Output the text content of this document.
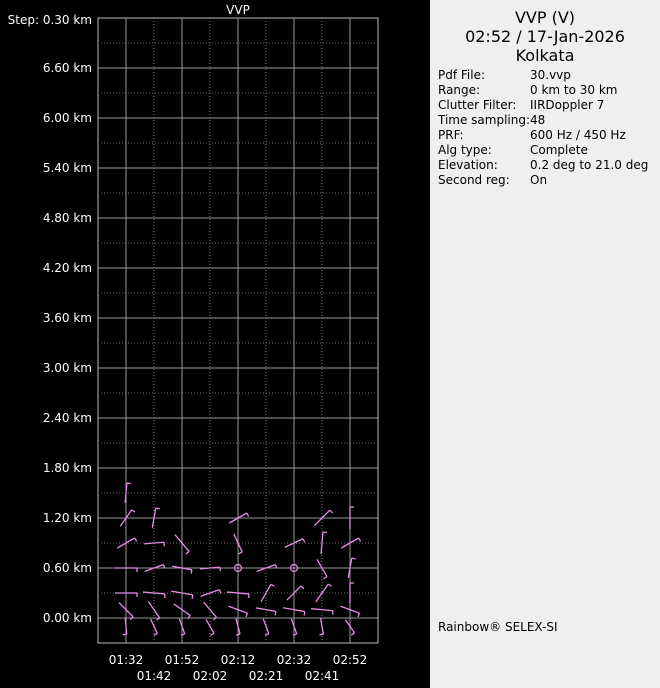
VVP
Step: 0.30 km
6.60 km
6.00 km
5.40 km
4.80 km
4.20 km
3.60 km
3.00 km
2.40 km
1.80 km
1.20 km
0.60 km
0.00 km
01:32
01:42
01:52
02:02
02:12
02:21
02:32
02:41
02:52
VVP (V)
02:52 / 17-Jan-2026
Kolkata
Pdf File:	30.vvp
Range:	0 km to 30 km
Clutter Filter: IIRDoppler 7
Time sampling: 48
PRF:	600 Hz / 450 Hz
Alg type:	Complete
Elevation:	0.2 deg to 21.0 deg
Second reg: On
Rainbow® SELEX-SI
